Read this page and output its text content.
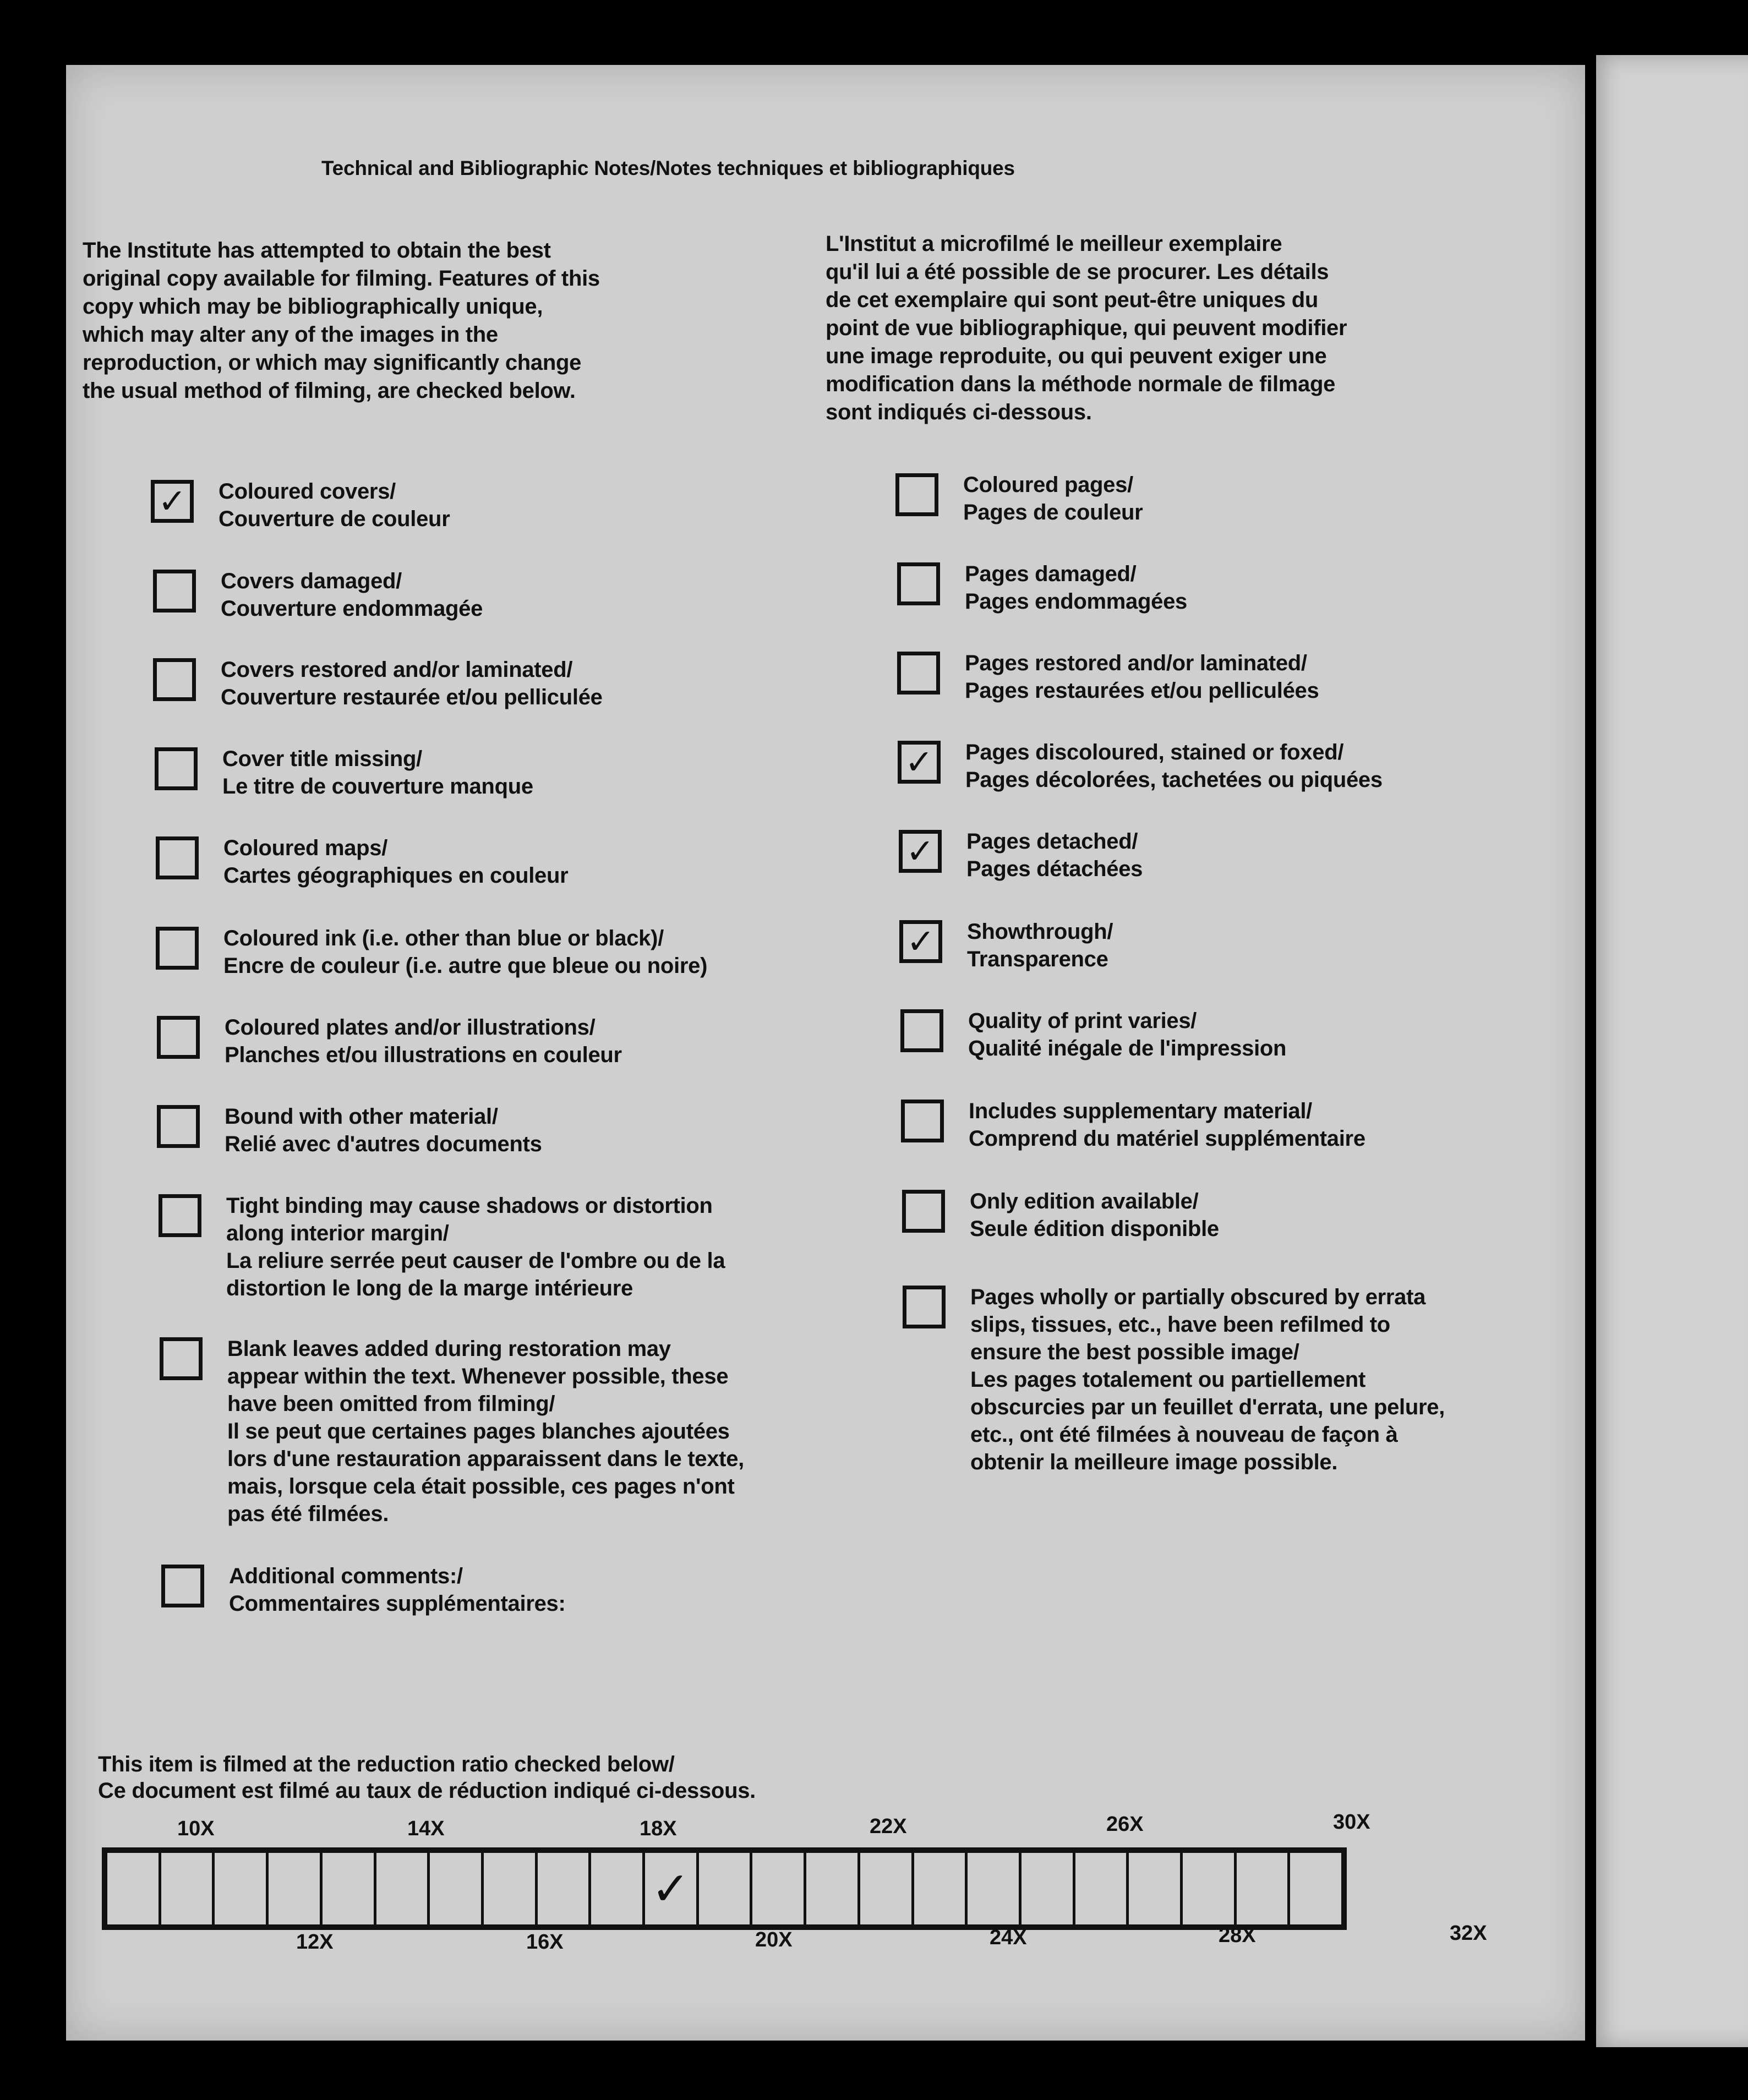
Technical and Bibliographic Notes/Notes techniques et bibliographiques
The Institute has attempted to obtain the best
original copy available for filming. Features of this
copy which may be bibliographically unique,
which may alter any of the images in the
reproduction, or which may significantly change
the usual method of filming, are checked below.
L'Institut a microfilmé le meilleur exemplaire
qu'il lui a été possible de se procurer. Les détails
de cet exemplaire qui sont peut-être uniques du
point de vue bibliographique, qui peuvent modifier
une image reproduite, ou qui peuvent exiger une
modification dans la méthode normale de filmage
sont indiqués ci-dessous.
✓	Coloured covers/
Couverture de couleur
Covers damaged/
Couverture endommagée
Covers restored and/or laminated/
Couverture restaurée et/ou pelliculée
Cover title missing/
Le titre de couverture manque
Coloured maps/
Cartes géographiques en couleur
Coloured ink (i.e. other than blue or black)/
Encre de couleur (i.e. autre que bleue ou noire)
Coloured plates and/or illustrations/
Planches et/ou illustrations en couleur
Bound with other material/
Relié avec d'autres documents
Tight binding may cause shadows or distortion
along interior margin/
La reliure serrée peut causer de l'ombre ou de la
distortion le long de la marge intérieure
Blank leaves added during restoration may
appear within the text. Whenever possible, these
have been omitted from filming/
Il se peut que certaines pages blanches ajoutées
lors d'une restauration apparaissent dans le texte,
mais, lorsque cela était possible, ces pages n'ont
pas été filmées.
Additional comments:/
Commentaires supplémentaires:
Coloured pages/
Pages de couleur
Pages damaged/
Pages endommagées
Pages restored and/or laminated/
Pages restaurées et/ou pelliculées
✓	Pages discoloured, stained or foxed/
Pages décolorées, tachetées ou piquées
✓	Pages detached/
Pages détachées
✓	Showthrough/
Transparence
Quality of print varies/
Qualité inégale de l'impression
Includes supplementary material/
Comprend du matériel supplémentaire
Only edition available/
Seule édition disponible
Pages wholly or partially obscured by errata
slips, tissues, etc., have been refilmed to
ensure the best possible image/
Les pages totalement ou partiellement
obscurcies par un feuillet d'errata, une pelure,
etc., ont été filmées à nouveau de façon à
obtenir la meilleure image possible.
This item is filmed at the reduction ratio checked below/
Ce document est filmé au taux de réduction indiqué ci-dessous.
10X	14X	18X	22X	26X	30X
✓
12X	16X	20X	24X	28X	32X
